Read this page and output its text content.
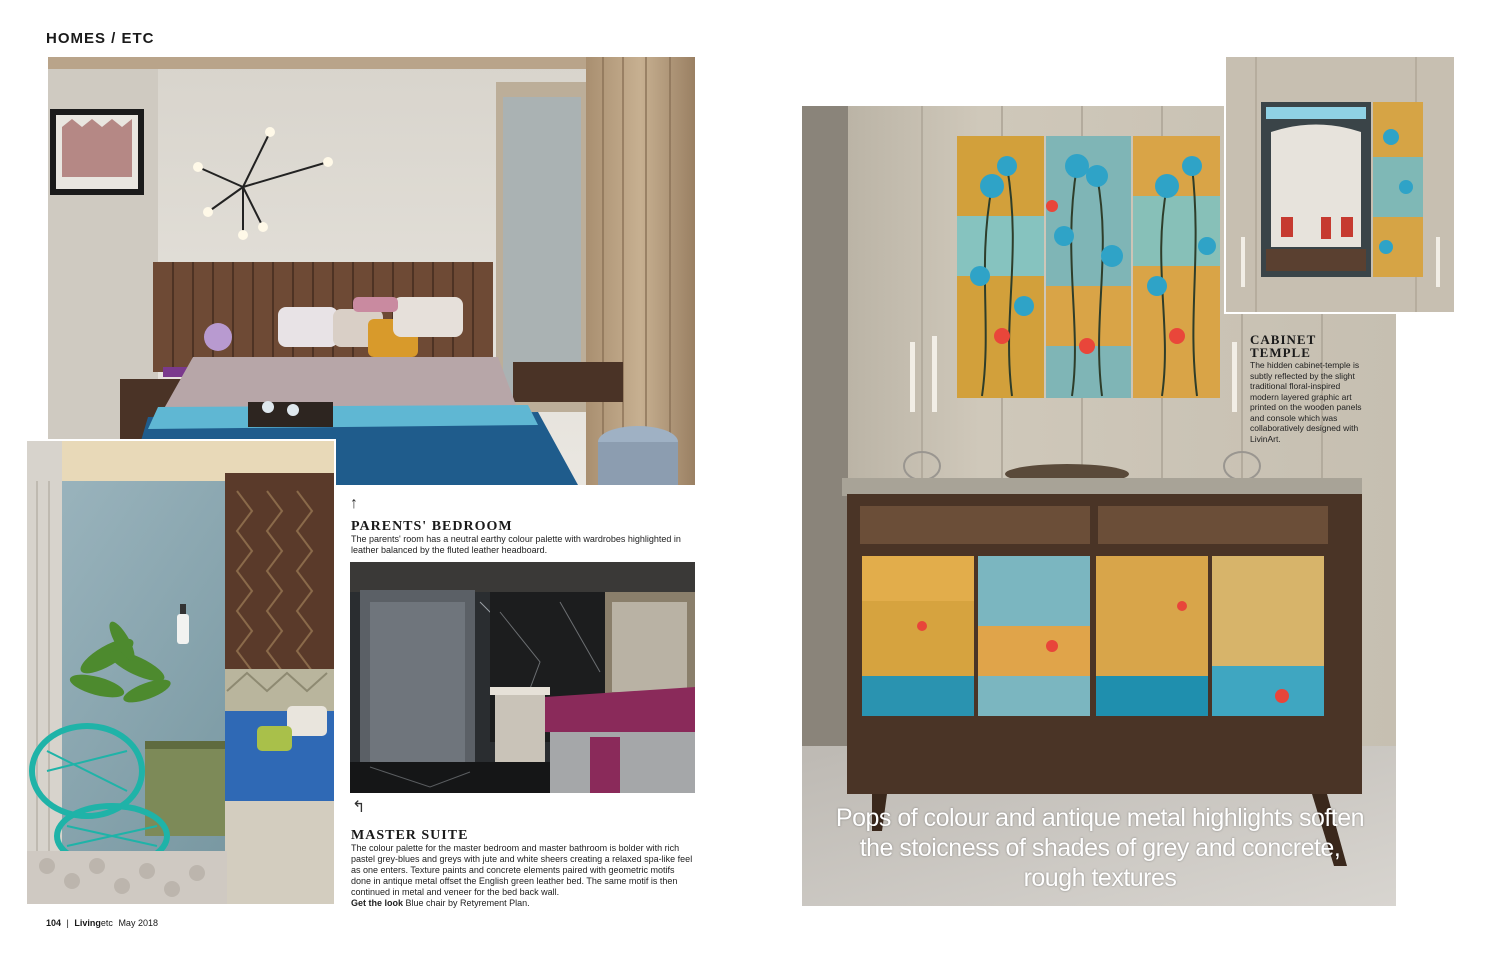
HOMES / ETC
↑
PARENTS' BEDROOM
The parents' room has a neutral earthy colour palette with wardrobes highlighted in leather balanced by the fluted leather headboard.
↰
MASTER SUITE
The colour palette for the master bedroom and master bathroom is bolder with rich pastel grey-blues and greys with jute and white sheers creating a relaxed spa-like feel as one enters. Texture paints and concrete elements paired with geometric motifs done in antique metal offset the English green leather bed. The same motif is then continued in metal and veneer for the bed back wall.
Get the look Blue chair by Retyrement Plan.
104 | Livingetc May 2018
Pops of colour and antique metal highlights soften the stoicness of shades of grey and concrete, rough textures
CABINET
TEMPLE
The hidden cabinet-temple is subtly reflected by the slight traditional floral-inspired modern layered graphic art printed on the wooden panels and console which was collaboratively designed with LivinArt.
